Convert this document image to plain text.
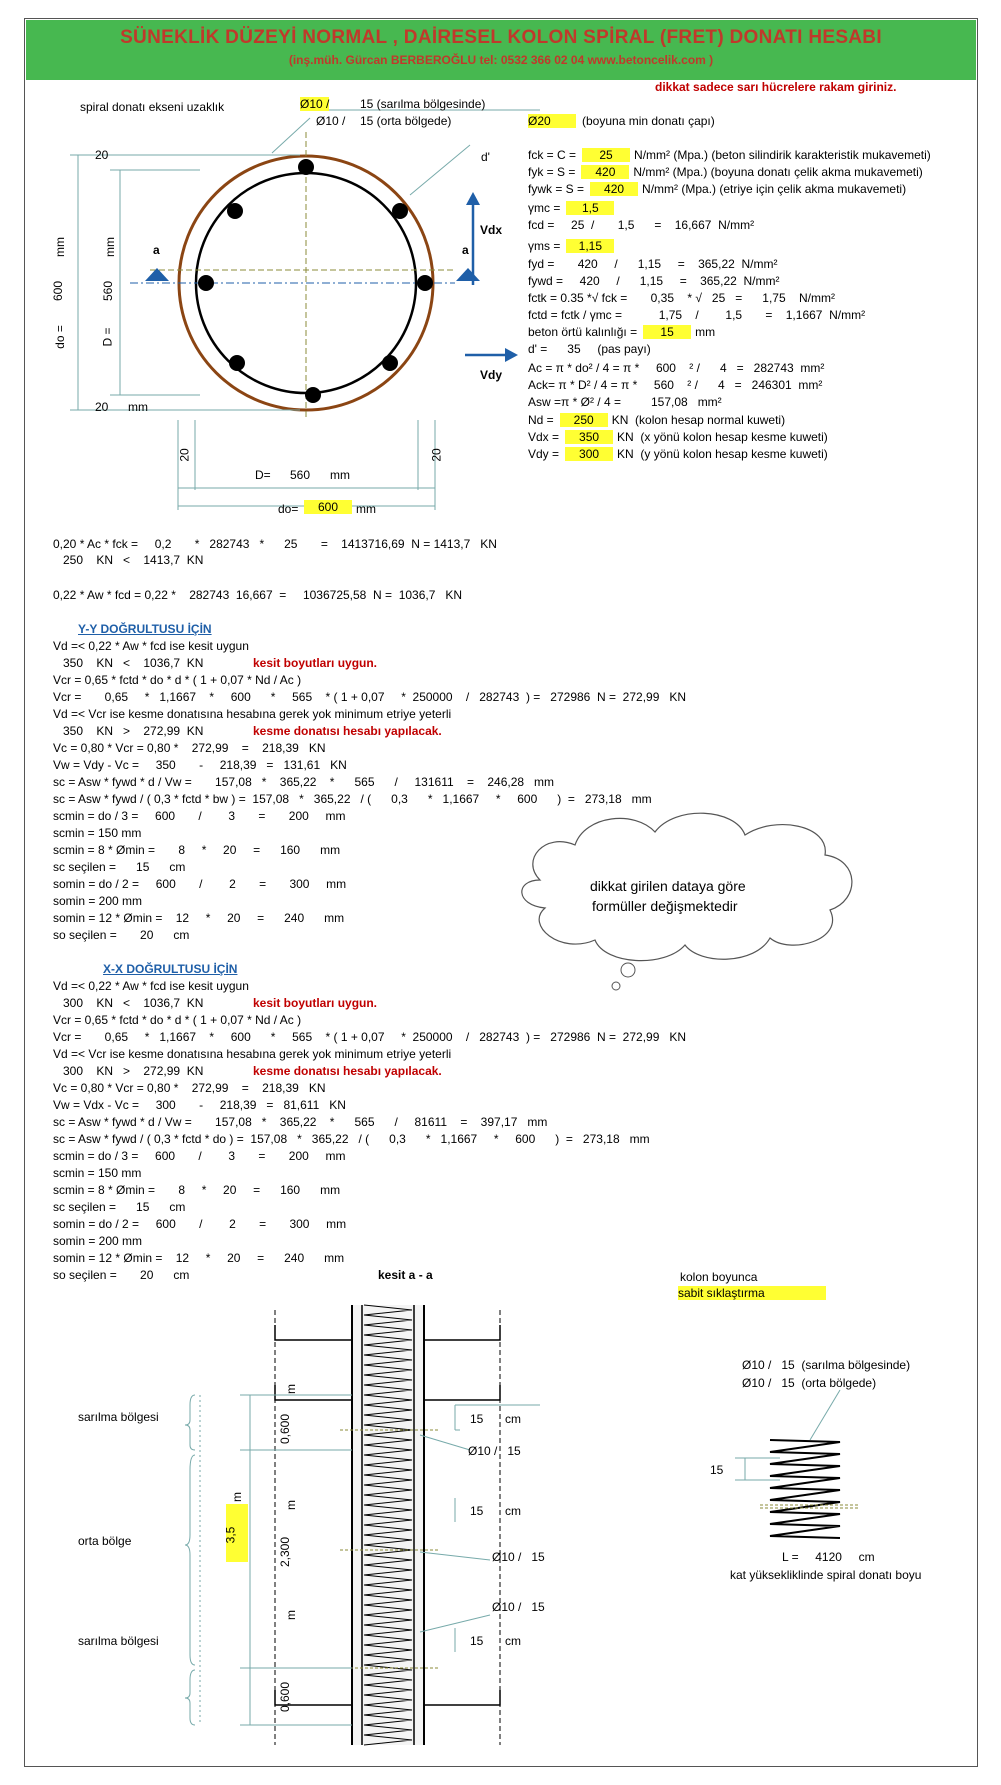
SÜNEKLİK DÜZEYİ NORMAL , DAİRESEL KOLON SPİRAL (FRET) DONATI HESABI
(inş.müh. Gürcan BERBEROĞLU tel: 0532 366 02 04 www.betoncelik.com )
dikkat sadece sarı hücrelere rakam giriniz.
spiral donatı ekseni uzaklık	Ø10 /	15 (sarılma bölgesinde)
Ø10 / 15 (orta bölgede)	Ø20	(boyuna min donatı çapı)
20
20
20	20
d'
mm
mm	mm
do =
600
D =
560
a	a
Vdx
Vdy
D= 560 mm
do=	600	mm
fck = C = 25 N/mm² (Mpa.) (beton silindirik karakteristik mukavemeti)
fyk = S = 420 N/mm² (Mpa.) (boyuna donatı çelik akma mukavemeti)
fywk = S = 420 N/mm² (Mpa.) (etriye için çelik akma mukavemeti)
γmc = 1,5
fcd =     25  /       1,5      =    16,667  N/mm²
γms = 1,15
fyd =       420     /      1,15     =    365,22  N/mm²
fywd =     420     /      1,15     =    365,22  N/mm²
fctk = 0.35 *√ fck =       0,35    * √   25   =      1,75    N/mm²
fctd = fctk / γmc =           1,75    /        1,5       =    1,1667  N/mm²
beton örtü kalınlığı = 15 mm
d' =      35     (pas payı)
Ac = π * do² / 4 = π *     600    ² /      4   =   282743  mm²
Ack= π * D² / 4 = π *     560    ² /      4   =   246301  mm²
Asw =π * Ø² / 4 =         157,08   mm²
Nd = 250 KN  (kolon hesap normal kuweti)
Vdx = 350 KN  (x yönü kolon hesap kesme kuweti)
Vdy = 300 KN  (y yönü kolon hesap kesme kuweti)
0,20 * Ac * fck =     0,2       *   282743   *      25       =    1413716,69  N = 1413,7   KN
250    KN   <    1413,7  KN
0,22 * Aw * fcd = 0,22 *    282743  16,667  =     1036725,58  N =  1036,7   KN
Y-Y DOĞRULTUSU İÇİN
Vd =< 0,22 * Aw * fcd ise kesit uygun
350    KN   <    1036,7  KN
Vcr = 0,65 * fctd * do * d * ( 1 + 0,07 * Nd / Ac )
Vcr =       0,65     *   1,1667    *     600      *     565    * ( 1 + 0,07     *  250000    /   282743  ) =   272986  N =  272,99   KN
Vd =< Vcr ise kesme donatısına hesabına gerek yok minimum etriye yeterli
350    KN   >    272,99  KN
Vc = 0,80 * Vcr = 0,80 *    272,99    =    218,39   KN
Vw = Vdy - Vc =     350       -     218,39   =   131,61   KN
sc = Asw * fywd * d / Vw =       157,08   *    365,22    *      565      /     131611    =    246,28   mm
sc = Asw * fywd / ( 0,3 * fctd * bw ) =  157,08   *   365,22   / (      0,3      *   1,1667     *     600      )  =   273,18   mm
scmin = do / 3 =     600       /        3       =       200     mm
scmin = 150 mm
scmin = 8 * Ømin =       8     *     20     =      160      mm
sc seçilen =      15      cm
somin = do / 2 =     600       /        2       =       300     mm
somin = 200 mm
somin = 12 * Ømin =    12     *     20     =      240      mm
so seçilen =       20      cm
kesit boyutları uygun.
kesme donatısı hesabı yapılacak.
dikkat girilen dataya göre
formüller değişmektedir
X-X DOĞRULTUSU İÇİN
Vd =< 0,22 * Aw * fcd ise kesit uygun
300    KN   <    1036,7  KN
Vcr = 0,65 * fctd * do * d * ( 1 + 0,07 * Nd / Ac )
Vcr =       0,65     *   1,1667    *     600      *     565    * ( 1 + 0,07     *  250000    /   282743  ) =   272986  N =  272,99   KN
Vd =< Vcr ise kesme donatısına hesabına gerek yok minimum etriye yeterli
300    KN   >    272,99  KN
Vc = 0,80 * Vcr = 0,80 *    272,99    =    218,39   KN
Vw = Vdx - Vc =     300       -     218,39   =   81,611   KN
sc = Asw * fywd * d / Vw =       157,08   *    365,22    *      565      /     81611    =    397,17   mm
sc = Asw * fywd / ( 0,3 * fctd * do ) =  157,08   *   365,22   / (      0,3      *   1,1667     *     600      )  =   273,18   mm
scmin = do / 3 =     600       /        3       =       200     mm
scmin = 150 mm
scmin = 8 * Ømin =       8     *     20     =      160      mm
sc seçilen =      15      cm
somin = do / 2 =     600       /        2       =       300     mm
somin = 200 mm
somin = 12 * Ømin =    12     *     20     =      240      mm
so seçilen =       20      cm
kesit boyutları uygun.
kesme donatısı hesabı yapılacak.
kesit a - a
sarılma bölgesi
orta bölge
sarılma bölgesi
3,5
m
0,600
2,300
0,600
m
m
m
15 cm
15 cm
15 cm
Ø10 /   15
Ø10 /   15
Ø10 /   15
kolon boyunca
sabit sıklaştırma
Ø10 /   15  (sarılma bölgesinde)
Ø10 /   15  (orta bölgede)
15
L =     4120     cm
kat yüksekliklinde spiral donatı boyu
